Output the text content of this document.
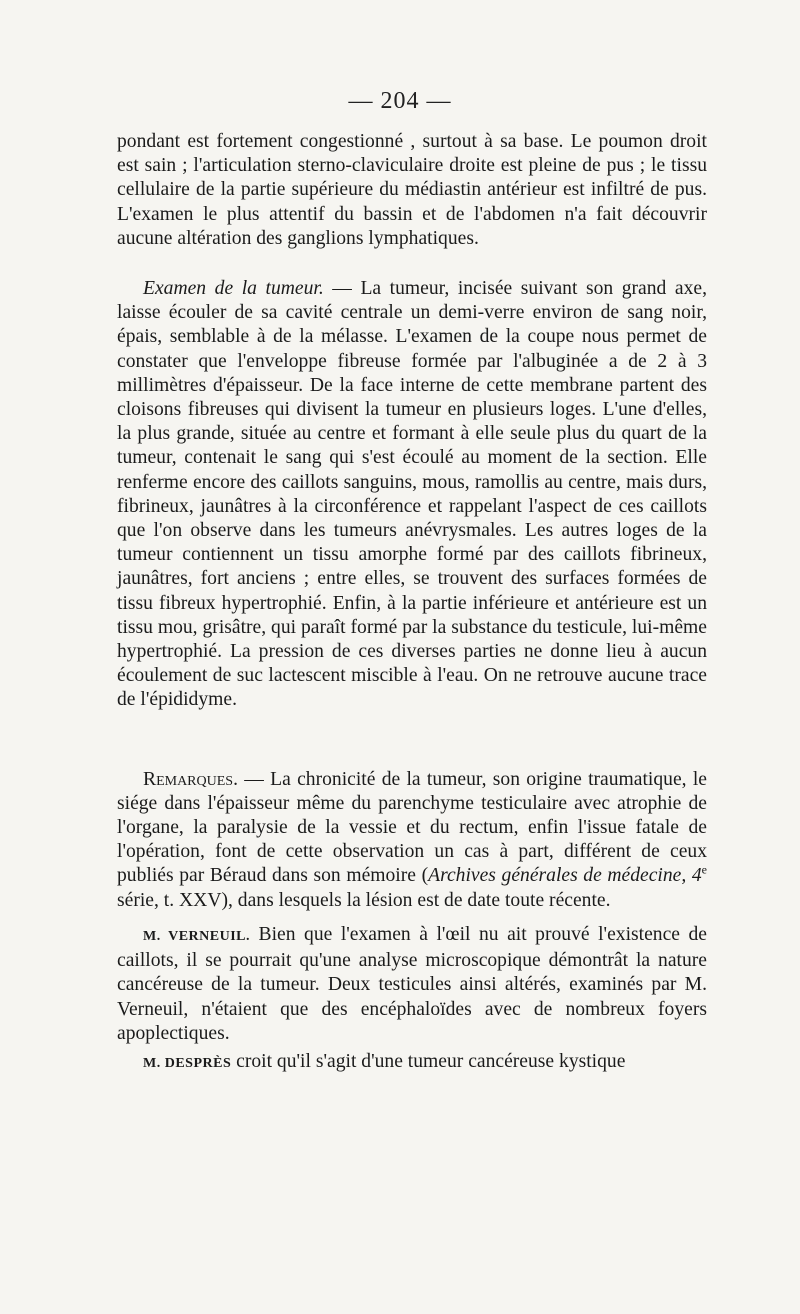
— 204 —

pondant est fortement congestionné , surtout à sa base. Le poumon droit est sain ; l'articulation sterno-claviculaire droite est pleine de pus ; le tissu cellulaire de la partie supérieure du médiastin antérieur est infiltré de pus. L'examen le plus attentif du bassin et de l'abdomen n'a fait découvrir aucune altération des ganglions lymphatiques.

Examen de la tumeur. — La tumeur, incisée suivant son grand axe, laisse écouler de sa cavité centrale un demi-verre environ de sang noir, épais, semblable à de la mélasse. L'examen de la coupe nous permet de constater que l'enveloppe fibreuse formée par l'albuginée a de 2 à 3 millimètres d'épaisseur. De la face interne de cette membrane partent des cloisons fibreuses qui divisent la tumeur en plusieurs loges. L'une d'elles, la plus grande, située au centre et formant à elle seule plus du quart de la tumeur, contenait le sang qui s'est écoulé au moment de la section. Elle renferme encore des caillots sanguins, mous, ramollis au centre, mais durs, fibrineux, jaunâtres à la circonférence et rappelant l'aspect de ces caillots que l'on observe dans les tumeurs anévrysmales. Les autres loges de la tumeur contiennent un tissu amorphe formé par des caillots fibrineux, jaunâtres, fort anciens ; entre elles, se trouvent des surfaces formées de tissu fibreux hypertrophié. Enfin, à la partie inférieure et antérieure est un tissu mou, grisâtre, qui paraît formé par la substance du testicule, lui-même hypertrophié. La pression de ces diverses parties ne donne lieu à aucun écoulement de suc lactescent miscible à l'eau. On ne retrouve aucune trace de l'épididyme.

Remarques. — La chronicité de la tumeur, son origine traumatique, le siége dans l'épaisseur même du parenchyme testiculaire avec atrophie de l'organe, la paralysie de la vessie et du rectum, enfin l'issue fatale de l'opération, font de cette observation un cas à part, différent de ceux publiés par Béraud dans son mémoire (Archives générales de médecine, 4e série, t. XXV), dans lesquels la lésion est de date toute récente.

M. VERNEUIL. Bien que l'examen à l'œil nu ait prouvé l'existence de caillots, il se pourrait qu'une analyse microscopique démontrât la nature cancéreuse de la tumeur. Deux testicules ainsi altérés, examinés par M. Verneuil, n'étaient que des encéphaloïdes avec de nombreux foyers apoplectiques.

M. DESPRÈS croit qu'il s'agit d'une tumeur cancéreuse kystique
